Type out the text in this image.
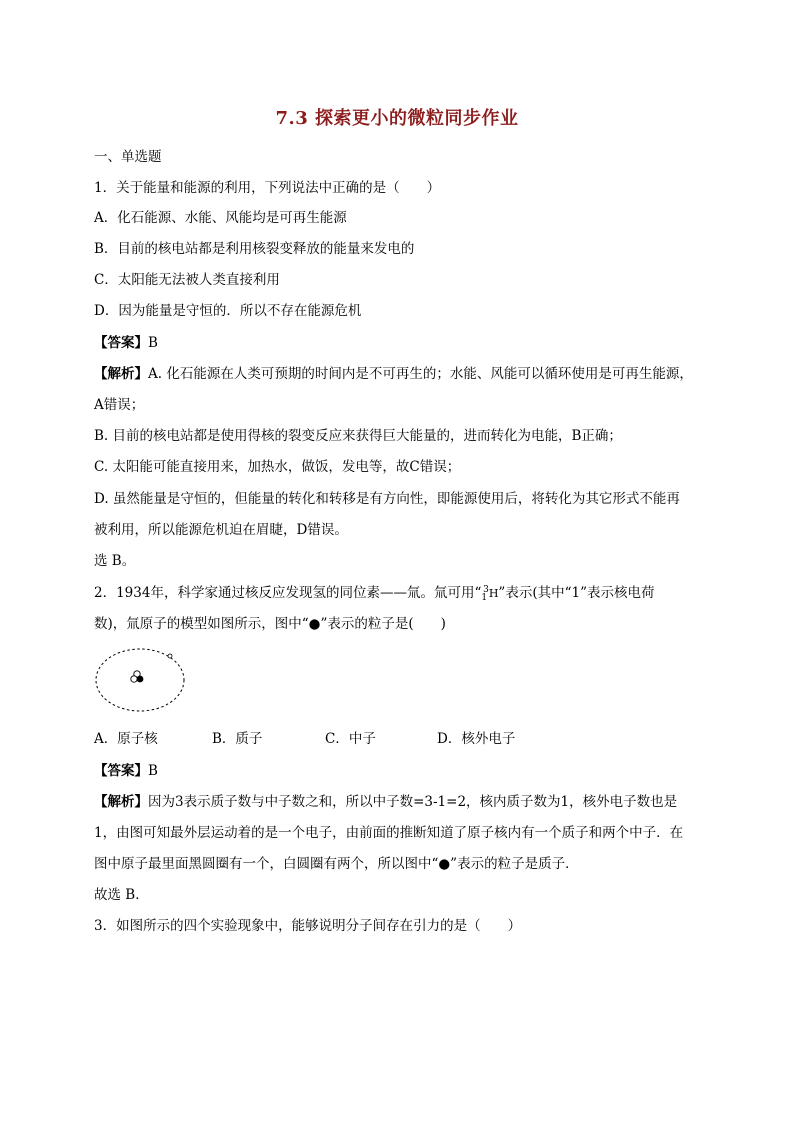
7.3 探索更小的微粒同步作业
一、单选题
1．关于能量和能源的利用，下列说法中正确的是（　　）
A．化石能源、水能、风能均是可再生能源
B．目前的核电站都是利用核裂变释放的能量来发电的
C．太阳能无法被人类直接利用
D．因为能量是守恒的．所以不存在能源危机
【答案】B
【解析】A. 化石能源在人类可预期的时间内是不可再生的；水能、风能可以循环使用是可再生能源，
A错误；
B. 目前的核电站都是使用得核的裂变反应来获得巨大能量的，进而转化为电能，B正确；
C. 太阳能可能直接用来，加热水，做饭，发电等，故C错误；
D. 虽然能量是守恒的，但能量的转化和转移是有方向性，即能源使用后，将转化为其它形式不能再
被利用，所以能源危机迫在眉睫，D错误。
选 B。
2．1934年，科学家通过核反应发现氢的同位素——氚。氚可用“13H”表示(其中“1”表示核电荷
数)，氚原子的模型如图所示，图中“●”表示的粒子是(　　)
A．原子核	B．质子	C．中子	D．核外电子
【答案】B
【解析】因为3表示质子数与中子数之和，所以中子数=3-1=2，核内质子数为1，核外电子数也是
1，由图可知最外层运动着的是一个电子，由前面的推断知道了原子核内有一个质子和两个中子．在
图中原子最里面黑圆圈有一个，白圆圈有两个，所以图中“●”表示的粒子是质子．
故选 B．
3．如图所示的四个实验现象中，能够说明分子间存在引力的是（　　）
